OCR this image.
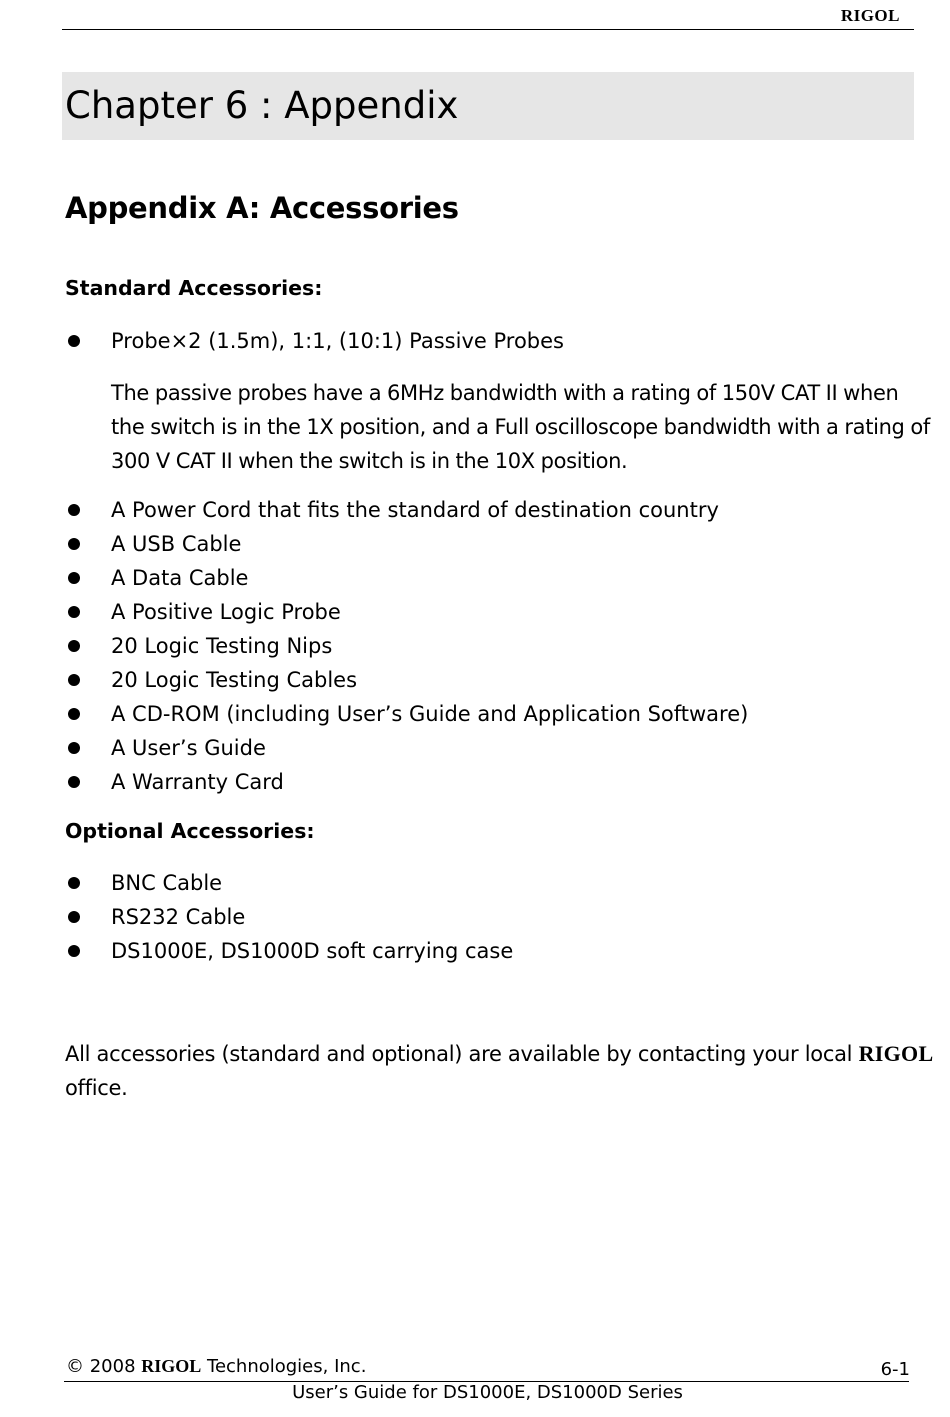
RIGOL
Chapter 6 : Appendix
Appendix A: Accessories
Standard Accessories:
Probe×2 (1.5m), 1:1, (10:1) Passive Probes

The passive probes have a 6MHz bandwidth with a rating of 150V CAT II when
the switch is in the 1X position, and a Full oscilloscope bandwidth with a rating of
300 V CAT II when the switch is in the 10X position.

A Power Cord that fits the standard of destination country
A USB Cable
A Data Cable
A Positive Logic Probe
20 Logic Testing Nips
20 Logic Testing Cables
A CD-ROM (including User’s Guide and Application Software)
A User’s Guide
A Warranty Card
Optional Accessories:
BNC Cable
RS232 Cable
DS1000E, DS1000D soft carrying case

All accessories (standard and optional) are available by contacting your local RIGOL
office.

© 2008 RIGOL Technologies, Inc.	6-1
User’s Guide for DS1000E, DS1000D Series
